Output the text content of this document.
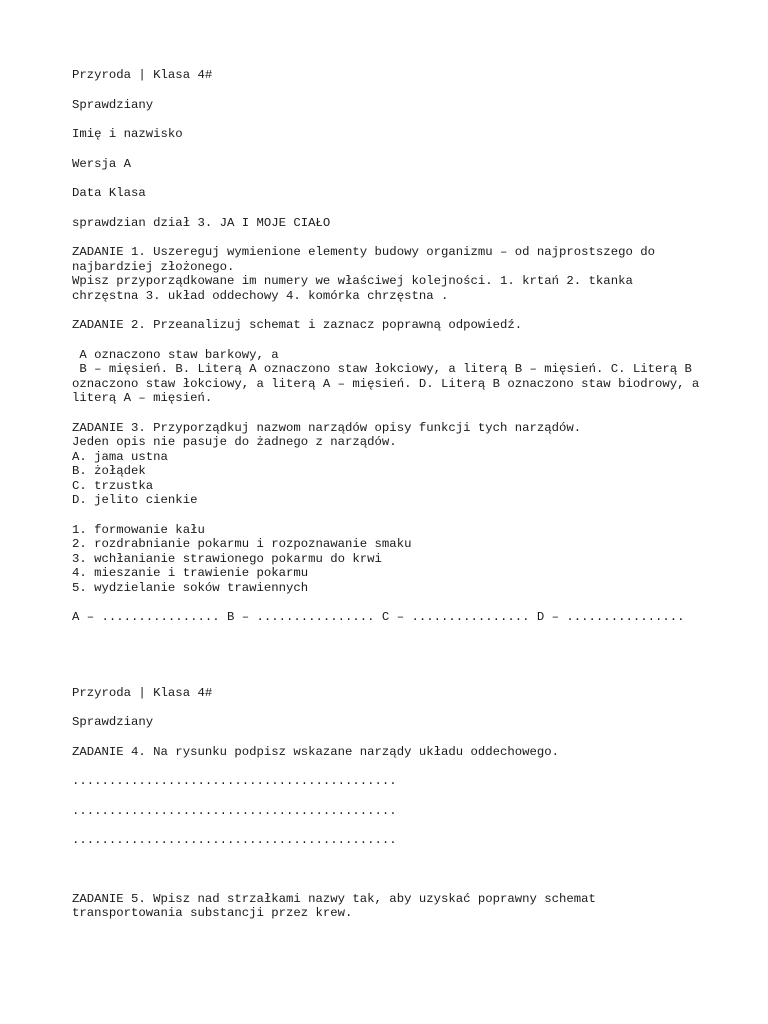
Przyroda | Klasa 4#

Sprawdziany

Imię i nazwisko

Wersja A

Data Klasa

sprawdzian dział 3. JA I MOJE CIAŁO

ZADANIE 1. Uszereguj wymienione elementy budowy organizmu – od najprostszego do najbardziej złożonego.
Wpisz przyporządkowane im numery we właściwej kolejności. 1. krtań 2. tkanka chrzęstna 3. układ oddechowy 4. komórka chrzęstna .

ZADANIE 2. Przeanalizuj schemat i zaznacz poprawną odpowiedź.

A oznaczono staw barkowy, a
B – mięsień. B. Literą A oznaczono staw łokciowy, a literą B – mięsień. C. Literą B oznaczono staw łokciowy, a literą A – mięsień. D. Literą B oznaczono staw biodrowy, a literą A – mięsień.
ZADANIE 3. Przyporządkuj nazwom narządów opisy funkcji tych narządów.
Jeden opis nie pasuje do żadnego z narządów.
A. jama ustna
B. żołądek
C. trzustka
D. jelito cienkie
1. formowanie kału
2. rozdrabnianie pokarmu i rozpoznawanie smaku
3. wchłanianie strawionego pokarmu do krwi
4. mieszanie i trawienie pokarmu
5. wydzielanie soków trawiennych

A – ................ B – ................ C – ................ D – ................

Przyroda | Klasa 4#

Sprawdziany

ZADANIE 4. Na rysunku podpisz wskazane narządy układu oddechowego.

............................................

............................................

............................................

ZADANIE 5. Wpisz nad strzałkami nazwy tak, aby uzyskać poprawny schemat transportowania substancji przez krew.
